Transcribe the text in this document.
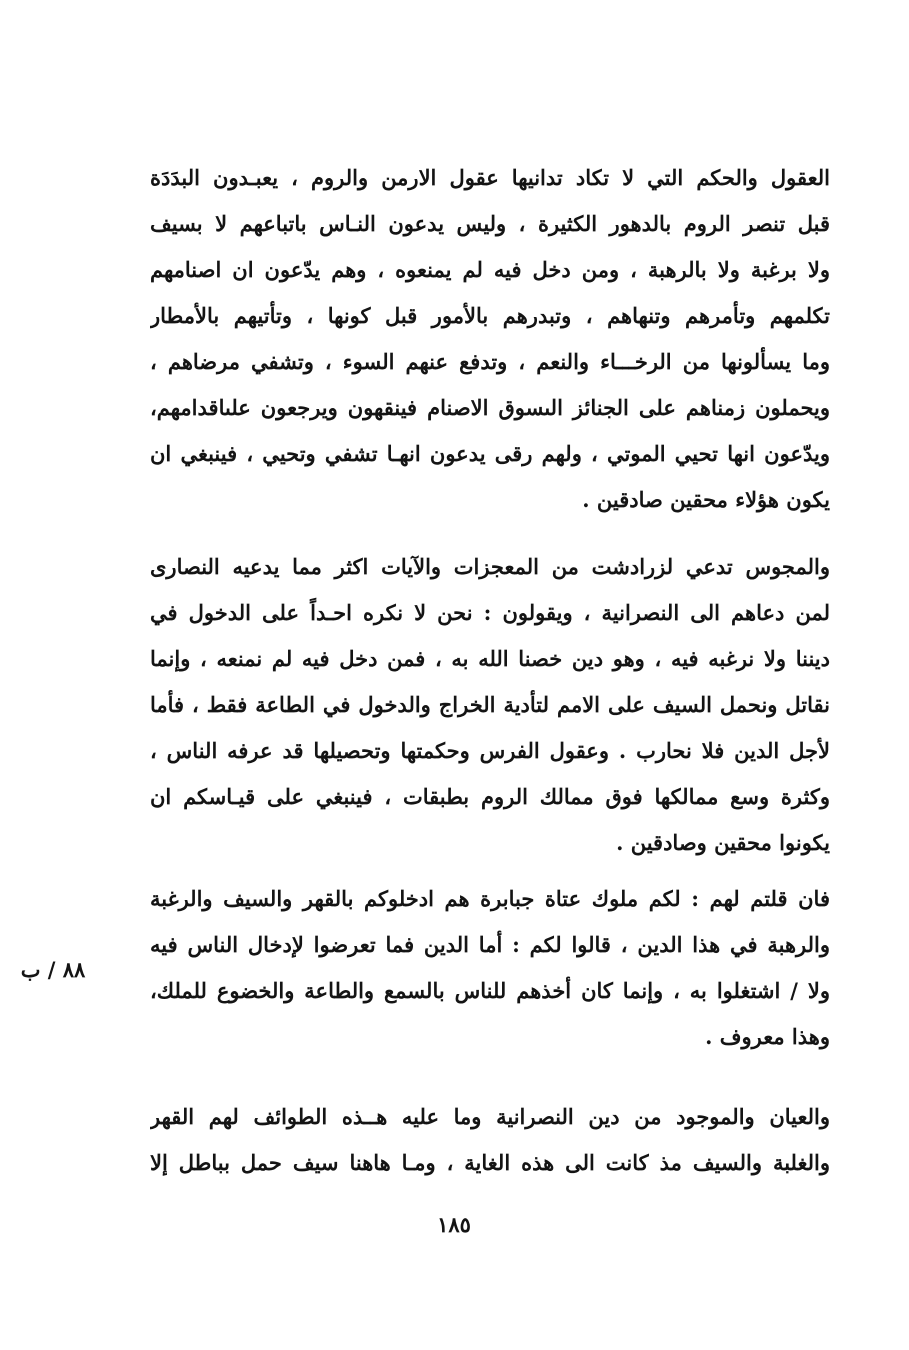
العقول والحكم التي لا تكاد تدانيها عقول الارمن والروم ، يعبـدون البدَدَة
قبل تنصر الروم بالدهور الكثيرة ، وليس يدعون النـاس باتباعهم لا بسيف
ولا برغبة ولا بالرهبة ، ومن دخل فيه لم يمنعوه ، وهم يدّعون ان اصنامهم
تكلمهم وتأمرهم وتنهاهم ، وتبدرهم بالأمور قبل كونها ، وتأتيهم بالأمطار
وما يسألونها من الرخـــاء والنعم ، وتدفع عنهم السوء ، وتشفي مرضاهم ،
ويحملون زمناهم على الجنائز الىسوق الاصنام فينقهون ويرجعون علىاقدامهم،
ويدّعون انها تحيي الموتي ، ولهم رقى يدعون انهـا تشفي وتحيي ، فينبغي ان
يكون هؤلاء محقين صادقين .
والمجوس تدعي لزرادشت من المعجزات والآيات اكثر مما يدعيه النصارى
لمن دعاهم الى النصرانية ، ويقولون : نحن لا نكره احـداً على الدخول في
ديننا ولا نرغبه فيه ، وهو دين خصنا الله به ، فمن دخل فيه لم نمنعه ، وإنما
نقاتل ونحمل السيف على الامم لتأدية الخراج والدخول في الطاعة فقط ، فأما
لأجل الدين فلا نحارب . وعقول الفرس وحكمتها وتحصيلها قد عرفه الناس ،
وكثرة وسع ممالكها فوق ممالك الروم بطبقات ، فينبغي على قيـاسكم ان
يكونوا محقين وصادقين .
فان قلتم لهم : لكم ملوك عتاة جبابرة هم ادخلوكم بالقهر والسيف والرغبة
والرهبة في هذا الدين ، قالوا لكم : أما الدين فما تعرضوا لإدخال الناس فيه
ولا / اشتغلوا به ، وإنما كان أخذهم للناس بالسمع والطاعة والخضوع للملك،
وهذا معروف .
والعيان والموجود من دين النصرانية وما عليه هــذه الطوائف لهم القهر
والغلبة والسيف مذ كانت الى هذه الغاية ، ومـا هاهنا سيف حمل بباطل إلا
٨٨ / ب
١٨٥
